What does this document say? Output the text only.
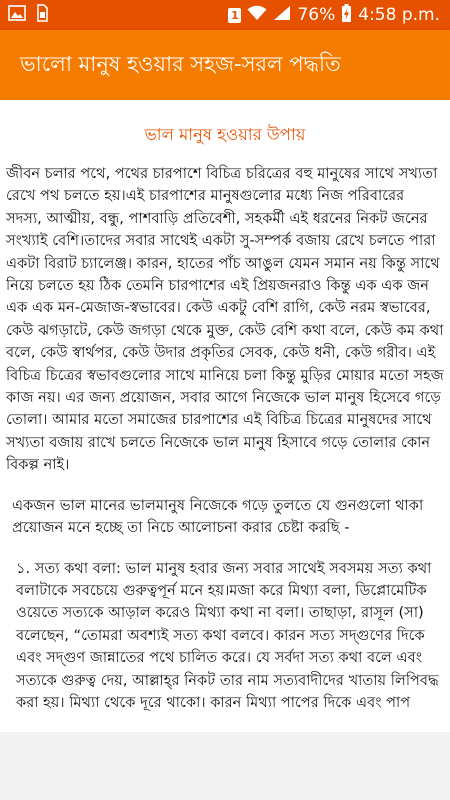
1	76% 4:58 p.m.
ভালো মানুষ হওয়ার সহজ-সরল পদ্ধতি
ভাল মানুষ হওয়ার উপায়

জীবন চলার পথে, পথের চারপাশে বিচিত্র চরিত্রের বহু মানুষের সাথে সখ্যতা রেখে পথ চলতে হয়।এই চারপাশের মানুষগুলোর মধ্যে নিজ পরিবারের সদস্য, আত্মীয়, বন্ধু, পাশবাড়ি প্রতিবেশী, সহকর্মী এই ধরনের নিকট জনের সংখ্যাই বেশি।তাদের সবার সাথেই একটা সু-সম্পর্ক বজায় রেখে চলতে পারা একটা বিরাট চ্যালেঞ্জ। কারন, হাতের পাঁচ আঙুল যেমন সমান নয় কিন্তু সাথে নিয়ে চলতে হয় ঠিক তেমনি চারপাশের এই প্রিয়জনরাও কিন্তু এক এক জন এক এক মন-মেজাজ-স্বভাবের। কেউ একটু বেশি রাগি, কেউ নরম স্বভাবের, কেউ ঝগড়াটে, কেউ জগড়া থেকে মুক্ত, কেউ বেশি কথা বলে, কেউ কম কথা বলে, কেউ স্বার্থপর, কেউ উদার প্রকৃতির সেবক, কেউ ধনী, কেউ গরীব। এই বিচিত্র চিত্রের স্বভাবগুলোর সাথে মানিয়ে চলা কিন্তু মুড়ির মোয়ার মতো সহজ কাজ নয়। এর জন্য প্রয়োজন, সবার আগে নিজেকে ভাল মানুষ হিসেবে গড়ে তোলা। আমার মতো সমাজের চারপাশের এই বিচিত্র চিত্রের মানুষদের সাথে সখ্যতা বজায় রাখে চলতে নিজেকে ভাল মানুষ হিসাবে গড়ে তোলার কোন বিকল্প নাই।

একজন ভাল মানের ভালমানুষ নিজেকে গড়ে তুলতে যে গুনগুলো থাকা প্রয়োজন মনে হচ্ছে তা নিচে আলোচনা করার চেষ্টা করছি -

১. সত্য কথা বলা: ভাল মানুষ হবার জন্য সবার সাথেই সবসময় সত্য কথা বলাটাকে সবচেয়ে গুরুত্বপূর্ন মনে হয়।মজা করে মিথ্যা বলা, ডিপ্লোমেটিক ওয়েতে সত্যকে আড়াল করেও মিথ্যা কথা না বলা। তাছাড়া, রাসূল (সা) বলেছেন, “তোমরা অবশ্যই সত্য কথা বলবে। কারন সত্য সদ্গুণের দিকে এবং সদ্গুণ জান্নাতের পথে চালিত করে। যে সর্বদা সত্য কথা বলে এবং সত্যকে গুরুত্ব দেয়, আল্লাহ্‌র নিকট তার নাম সত্যবাদীদের খাতায় লিপিবদ্ধ করা হয়। মিথ্যা থেকে দূরে থাকো। কারন মিথ্যা পাপের দিকে এবং পাপ
